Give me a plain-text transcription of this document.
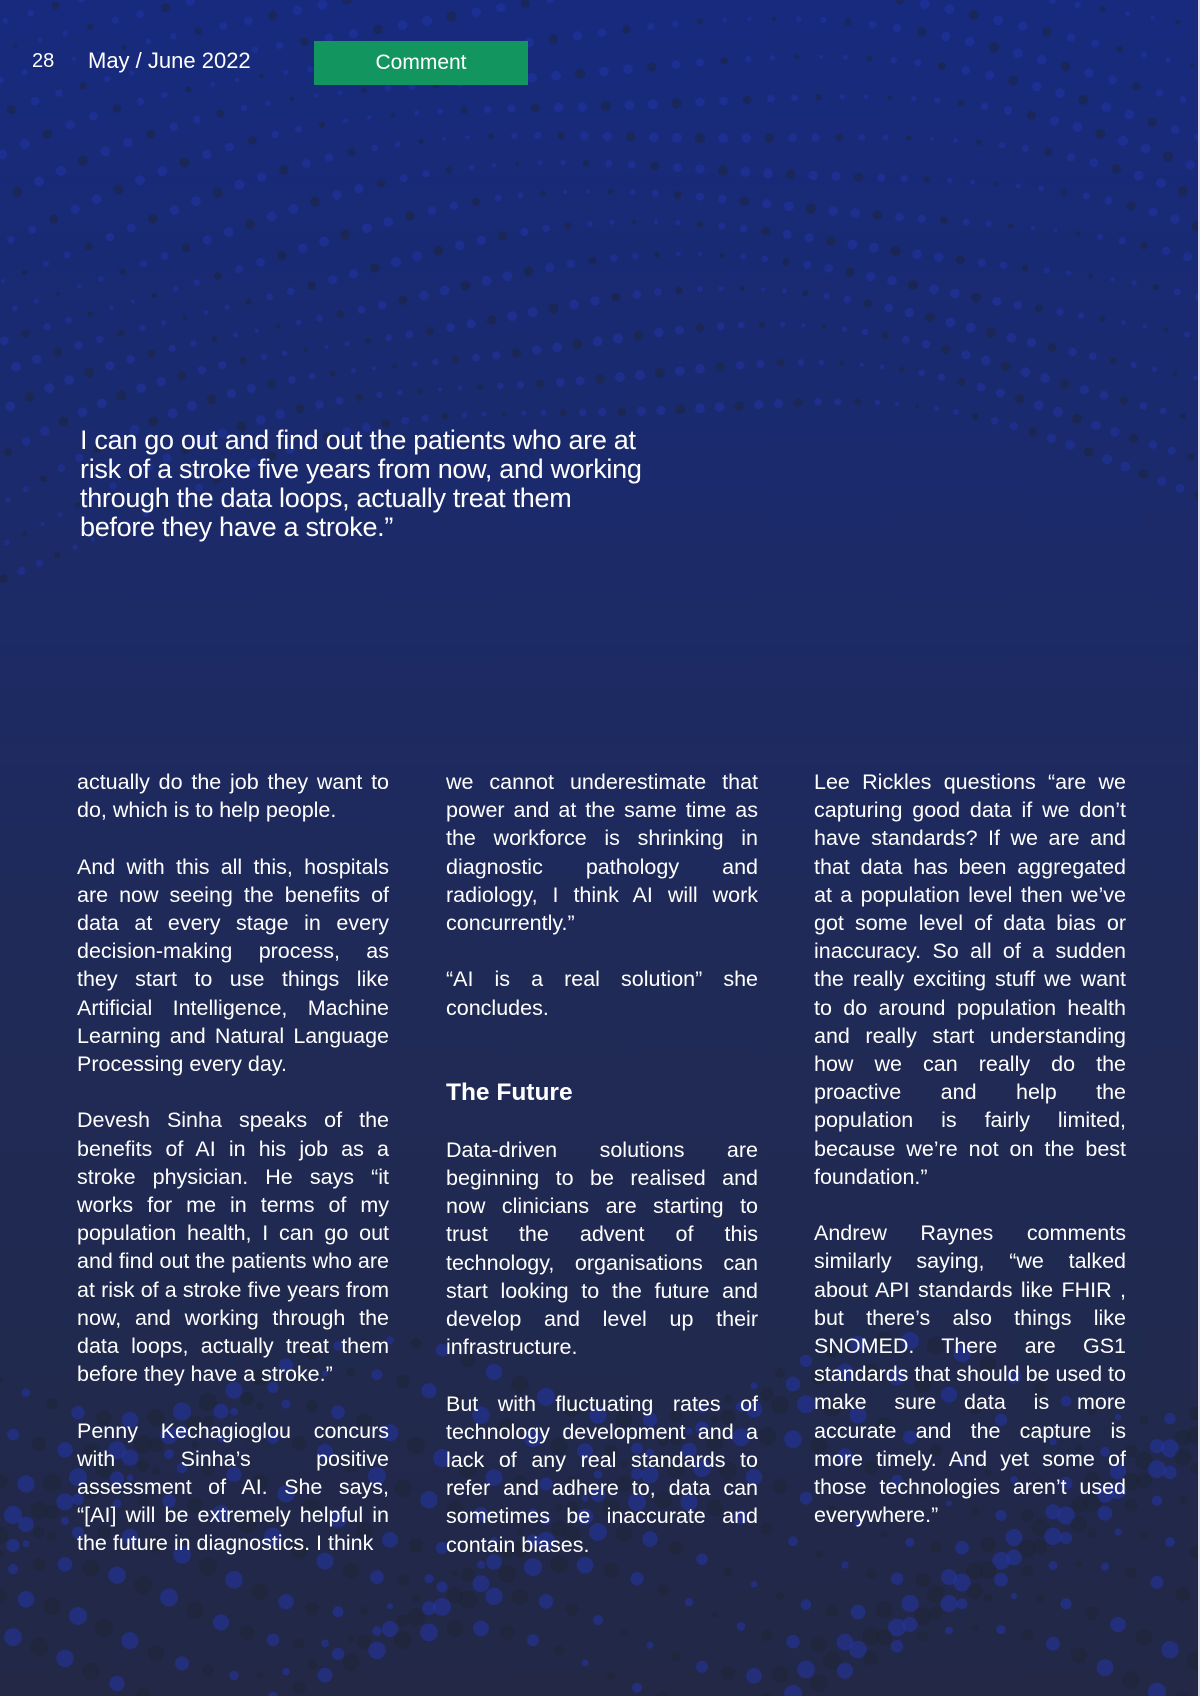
28 May / June 2022	Comment

I can go out and find out the patients who are at risk of a stroke five years from now, and working through the data loops, actually treat them before they have a stroke.”

actually do the job they want to do, which is to help people.

And with this all this, hospitals are now seeing the benefits of data at every stage in every decision-making process, as they start to use things like Artificial Intelligence, Machine Learning and Natural Language Processing every day.

Devesh Sinha speaks of the benefits of AI in his job as a stroke physician. He says “it works for me in terms of my population health, I can go out and find out the patients who are at risk of a stroke five years from now, and working through the data loops, actually treat them before they have a stroke.”

Penny Kechagioglou concurs with Sinha’s positive assessment of AI. She says, “[AI] will be extremely helpful in the future in diagnostics. I think

we cannot underestimate that power and at the same time as the workforce is shrinking in diagnostic pathology and radiology, I think AI will work concurrently.”

“AI is a real solution” she concludes.

The Future

Data-driven solutions are beginning to be realised and now clinicians are starting to trust the advent of this technology, organisations can start looking to the future and develop and level up their infrastructure.

But with fluctuating rates of technology development and a lack of any real standards to refer and adhere to, data can sometimes be inaccurate and contain biases.

Lee Rickles questions “are we capturing good data if we don’t have standards? If we are and that data has been aggregated at a population level then we’ve got some level of data bias or inaccuracy. So all of a sudden the really exciting stuff we want to do around population health and really start understanding how we can really do the proactive and help the population is fairly limited, because we’re not on the best foundation.”

Andrew Raynes comments similarly saying, “we talked about API standards like FHIR , but there’s also things like SNOMED. There are GS1 standards that should be used to make sure data is more accurate and the capture is more timely. And yet some of those technologies aren’t used everywhere.”
